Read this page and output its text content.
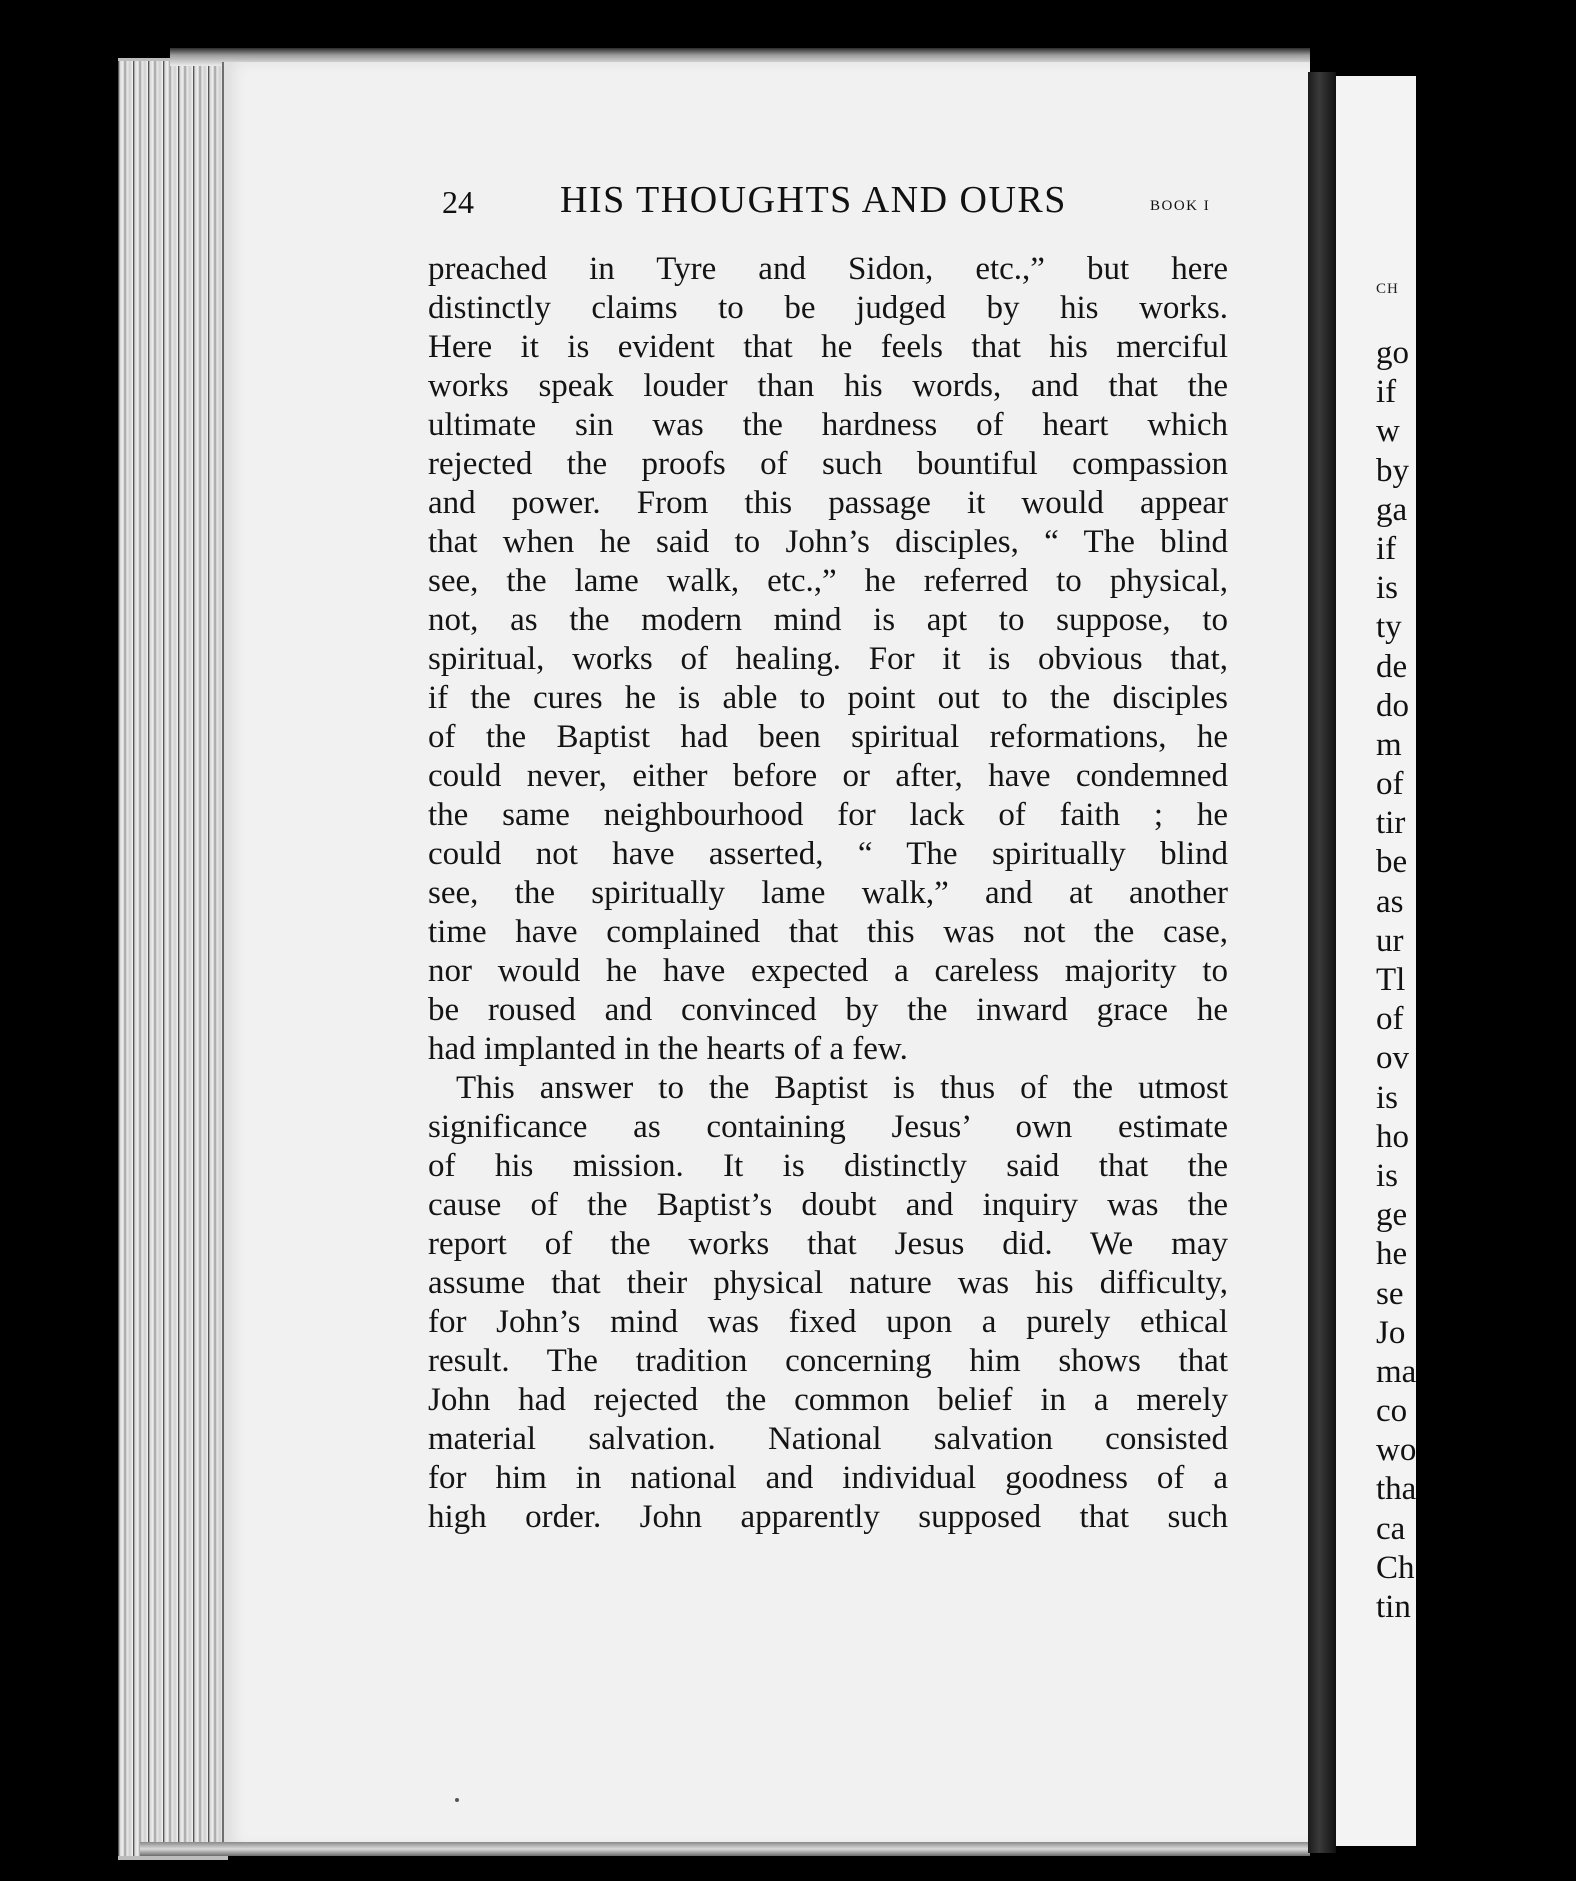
CH
go
if
w
by
ga
if
is
ty
de
do
m
of
tir
be
as
ur
Tl
of
ov
is
ho
is
ge
he
se
Jo
ma
co
wo
tha
ca
Ch
tin
24 HIS THOUGHTS AND OURS	BOOK I
preached in Tyre and Sidon, etc.,” but here
distinctly claims to be judged by his works.
Here it is evident that he feels that his merciful
works speak louder than his words, and that the
ultimate sin was the hardness of heart which
rejected the proofs of such bountiful compassion
and power. From this passage it would appear
that when he said to John’s disciples, “ The blind
see, the lame walk, etc.,” he referred to physical,
not, as the modern mind is apt to suppose, to
spiritual, works of healing. For it is obvious that,
if the cures he is able to point out to the disciples
of the Baptist had been spiritual reformations, he
could never, either before or after, have condemned
the same neighbourhood for lack of faith ; he
could not have asserted, “ The spiritually blind
see, the spiritually lame walk,” and at another
time have complained that this was not the case,
nor would he have expected a careless majority to
be roused and convinced by the inward grace he
had implanted in the hearts of a few.
This answer to the Baptist is thus of the utmost
significance as containing Jesus’ own estimate
of his mission. It is distinctly said that the
cause of the Baptist’s doubt and inquiry was the
report of the works that Jesus did. We may
assume that their physical nature was his difficulty,
for John’s mind was fixed upon a purely ethical
result. The tradition concerning him shows that
John had rejected the common belief in a merely
material salvation. National salvation consisted
for him in national and individual goodness of a
high order. John apparently supposed that such
